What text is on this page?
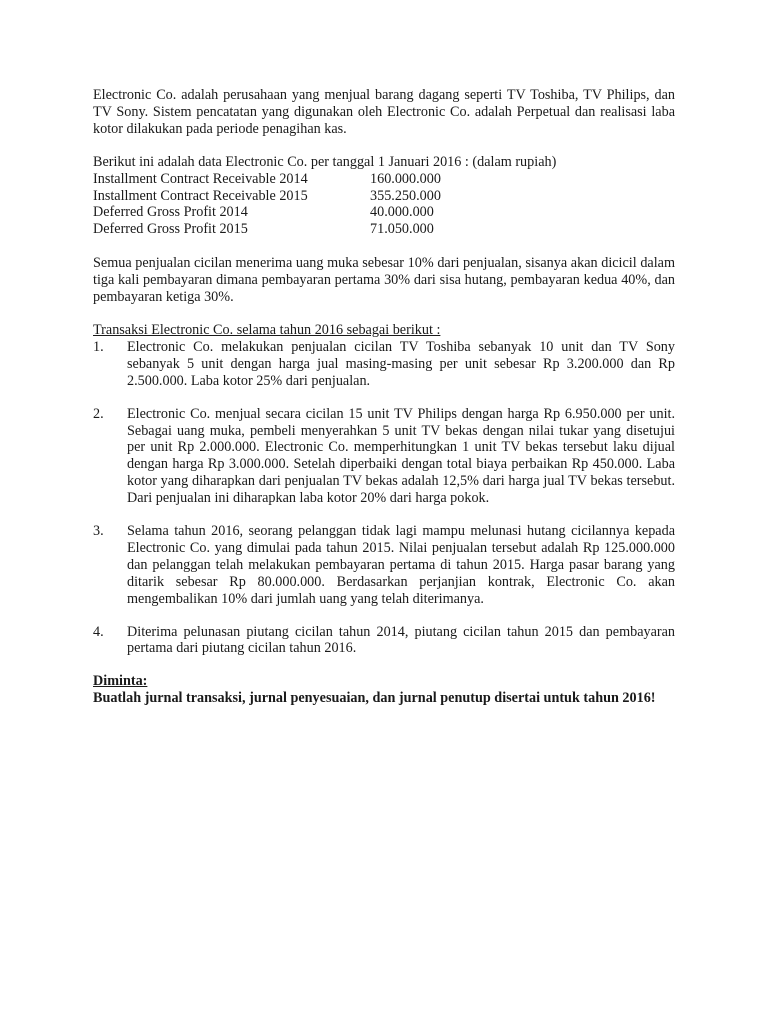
Electronic Co. adalah perusahaan yang menjual barang dagang seperti TV Toshiba, TV Philips, dan TV Sony. Sistem pencatatan yang digunakan oleh Electronic Co. adalah Perpetual dan realisasi laba kotor dilakukan pada periode penagihan kas.

Berikut ini adalah data Electronic Co. per tanggal 1 Januari 2016 : (dalam rupiah)

Installment Contract Receivable 2014	160.000.000
Installment Contract Receivable 2015	355.250.000
Deferred Gross Profit 2014	40.000.000
Deferred Gross Profit 2015	71.050.000

Semua penjualan cicilan menerima uang muka sebesar 10% dari penjualan, sisanya akan dicicil dalam tiga kali pembayaran dimana pembayaran pertama 30% dari sisa hutang, pembayaran kedua 40%, dan pembayaran ketiga 30%.

Transaksi Electronic Co. selama tahun 2016 sebagai berikut :

1.	Electronic Co. melakukan penjualan cicilan TV Toshiba sebanyak 10 unit dan TV Sony sebanyak 5 unit dengan harga jual masing-masing per unit sebesar Rp 3.200.000 dan Rp 2.500.000. Laba kotor 25% dari penjualan.
2.	Electronic Co. menjual secara cicilan 15 unit TV Philips dengan harga Rp 6.950.000 per unit. Sebagai uang muka, pembeli menyerahkan 5 unit TV bekas dengan nilai tukar yang disetujui per unit Rp 2.000.000. Electronic Co. memperhitungkan 1 unit TV bekas tersebut laku dijual dengan harga Rp 3.000.000. Setelah diperbaiki dengan total biaya perbaikan Rp 450.000. Laba kotor yang diharapkan dari penjualan TV bekas adalah 12,5% dari harga jual TV bekas tersebut. Dari penjualan ini diharapkan laba kotor 20% dari harga pokok.
3.	Selama tahun 2016, seorang pelanggan tidak lagi mampu melunasi hutang cicilannya kepada Electronic Co. yang dimulai pada tahun 2015. Nilai penjualan tersebut adalah Rp 125.000.000 dan pelanggan telah melakukan pembayaran pertama di tahun 2015. Harga pasar barang yang ditarik sebesar Rp 80.000.000. Berdasarkan perjanjian kontrak, Electronic Co. akan mengembalikan 10% dari jumlah uang yang telah diterimanya.
4.	Diterima pelunasan piutang cicilan tahun 2014, piutang cicilan tahun 2015 dan pembayaran pertama dari piutang cicilan tahun 2016.

Diminta:

Buatlah jurnal transaksi, jurnal penyesuaian, dan jurnal penutup disertai untuk tahun 2016!
